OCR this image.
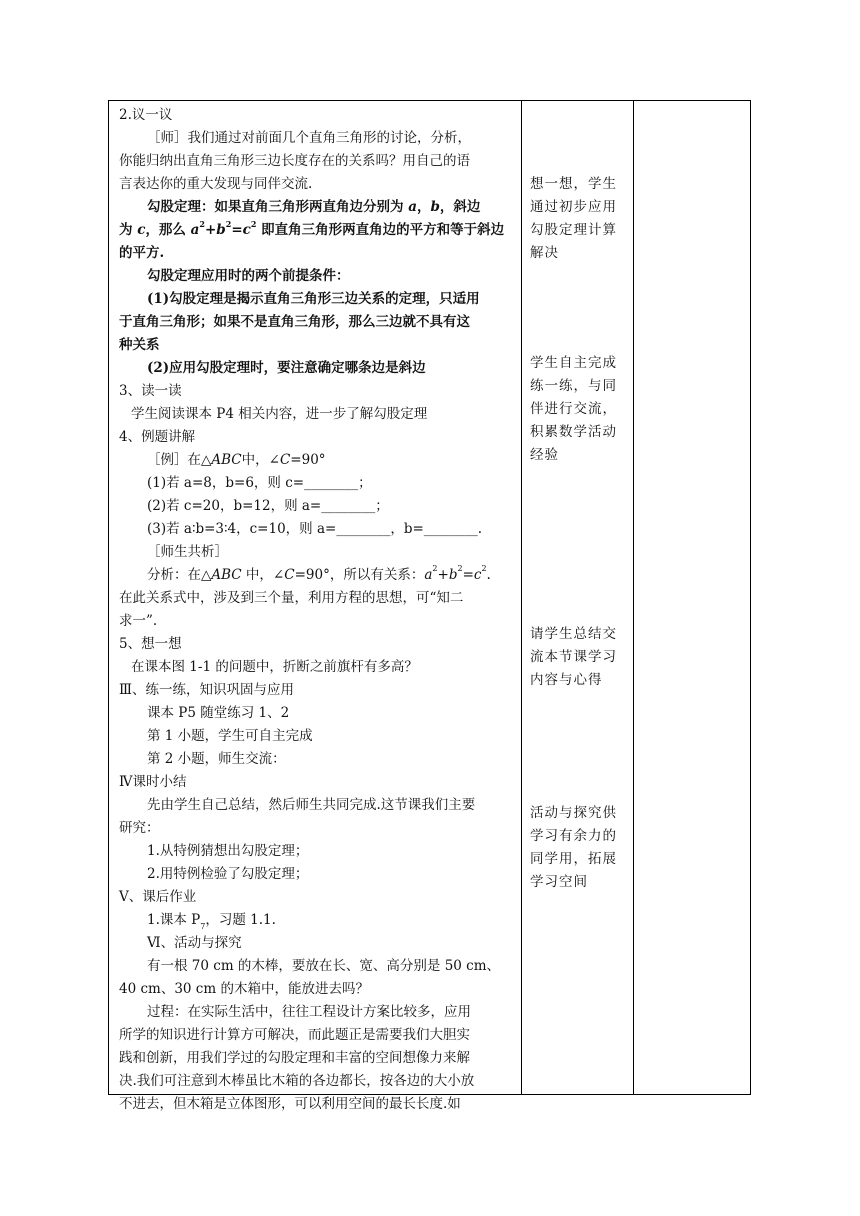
2.议一议
［师］我们通过对前面几个直角三角形的讨论，分析，
你能归纳出直角三角形三边长度存在的关系吗？用自己的语
言表达你的重大发现与同伴交流.
勾股定理：如果直角三角形两直角边分别为 a，b，斜边
为 c，那么 $a^2+b^2=c^2$ 即直角三角形两直角边的平方和等于斜边
的平方.
勾股定理应用时的两个前提条件：
(1)勾股定理是揭示直角三角形三边关系的定理，只适用
于直角三角形；如果不是直角三角形，那么三边就不具有这
种关系
(2)应用勾股定理时，要注意确定哪条边是斜边
3、读一读
学生阅读课本 P4 相关内容，进一步了解勾股定理
4、例题讲解
［例］在△ABC中，∠C=90°
(1)若 a=8，b=6，则 c=________；
(2)若 c=20，b=12，则 a=________；
(3)若 a∶b=3∶4，c=10，则 a=________，b=________.
［师生共析］
分析：在△ABC 中，∠C=90°，所以有关系：$a^2+b^2=c^2$.
在此关系式中，涉及到三个量，利用方程的思想，可“知二
求一”.
5、想一想
在课本图 1-1 的问题中，折断之前旗杆有多高？
Ⅲ、练一练，知识巩固与应用
课本 P5 随堂练习 1、2
第 1 小题，学生可自主完成
第 2 小题，师生交流：
Ⅳ课时小结
先由学生自己总结，然后师生共同完成.这节课我们主要
研究：
1.从特例猜想出勾股定理；
2.用特例检验了勾股定理；
Ⅴ、课后作业
1.课本 P7，习题 1.1.
Ⅵ、活动与探究
有一根 70 cm 的木棒，要放在长、宽、高分别是 50 cm、
40 cm、30 cm 的木箱中，能放进去吗？
过程：在实际生活中，往往工程设计方案比较多，应用
所学的知识进行计算方可解决，而此题正是需要我们大胆实
践和创新，用我们学过的勾股定理和丰富的空间想像力来解
决.我们可注意到木棒虽比木箱的各边都长，按各边的大小放
不进去，但木箱是立体图形，可以利用空间的最长长度.如
想一想，学生
通过初步应用
勾股定理计算
解决
学生自主完成
练一练，与同
伴进行交流，
积累数学活动
经验
请学生总结交
流本节课学习
内容与心得
活动与探究供
学习有余力的
同学用，拓展
学习空间
